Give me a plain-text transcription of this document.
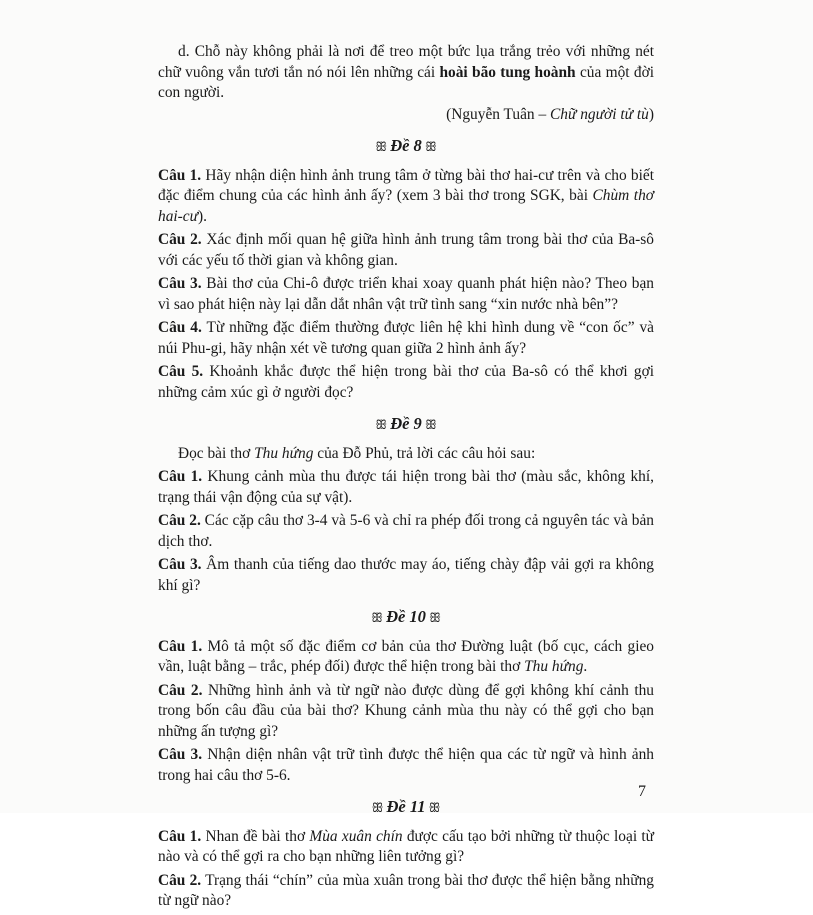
d. Chỗ này không phải là nơi để treo một bức lụa trắng trẻo với những nét chữ vuông vắn tươi tắn nó nói lên những cái hoài bão tung hoành của một đời con người.

(Nguyễn Tuân – Chữ người tử tù)

ꕥ Đề 8 ꕥ

Câu 1. Hãy nhận diện hình ảnh trung tâm ở từng bài thơ hai-cư trên và cho biết đặc điểm chung của các hình ảnh ấy? (xem 3 bài thơ trong SGK, bài Chùm thơ hai-cư).

Câu 2. Xác định mối quan hệ giữa hình ảnh trung tâm trong bài thơ của Ba-sô với các yếu tố thời gian và không gian.

Câu 3. Bài thơ của Chi-ô được triển khai xoay quanh phát hiện nào? Theo bạn vì sao phát hiện này lại dẫn dắt nhân vật trữ tình sang “xin nước nhà bên”?

Câu 4. Từ những đặc điểm thường được liên hệ khi hình dung về “con ốc” và núi Phu-gi, hãy nhận xét về tương quan giữa 2 hình ảnh ấy?

Câu 5. Khoảnh khắc được thể hiện trong bài thơ của Ba-sô có thể khơi gợi những cảm xúc gì ở người đọc?

ꕥ Đề 9 ꕥ

Đọc bài thơ Thu hứng của Đỗ Phủ, trả lời các câu hỏi sau:

Câu 1. Khung cảnh mùa thu được tái hiện trong bài thơ (màu sắc, không khí, trạng thái vận động của sự vật).

Câu 2. Các cặp câu thơ 3-4 và 5-6 và chỉ ra phép đối trong cả nguyên tác và bản dịch thơ.

Câu 3. Âm thanh của tiếng dao thước may áo, tiếng chày đập vải gợi ra không khí gì?

ꕥ Đề 10 ꕥ

Câu 1. Mô tả một số đặc điểm cơ bản của thơ Đường luật (bố cục, cách gieo vần, luật bằng – trắc, phép đối) được thể hiện trong bài thơ Thu hứng.

Câu 2. Những hình ảnh và từ ngữ nào được dùng để gợi không khí cảnh thu trong bốn câu đầu của bài thơ? Khung cảnh mùa thu này có thể gợi cho bạn những ấn tượng gì?

Câu 3. Nhận diện nhân vật trữ tình được thể hiện qua các từ ngữ và hình ảnh trong hai câu thơ 5-6.

ꕥ Đề 11 ꕥ

Câu 1. Nhan đề bài thơ Mùa xuân chín được cấu tạo bởi những từ thuộc loại từ nào và có thể gợi ra cho bạn những liên tưởng gì?

Câu 2. Trạng thái “chín” của mùa xuân trong bài thơ được thể hiện bằng những từ ngữ nào?

7
